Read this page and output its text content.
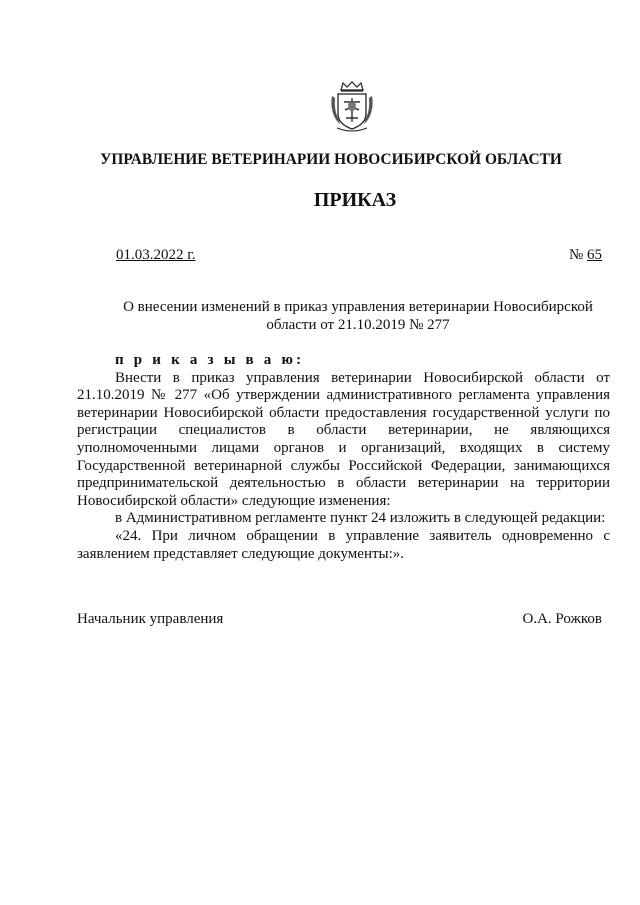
УПРАВЛЕНИЕ ВЕТЕРИНАРИИ НОВОСИБИРСКОЙ ОБЛАСТИ
ПРИКАЗ
01.03.2022 г.	№ 65
О внесении изменений в приказ управления ветеринарии Новосибирской
области от 21.10.2019 № 277
п р и к а з ы в а ю:

Внести в приказ управления ветеринарии Новосибирской области от 21.10.2019 № 277 «Об утверждении административного регламента управления ветеринарии Новосибирской области предоставления государственной услуги по регистрации специалистов в области ветеринарии, не являющихся уполномоченными лицами органов и организаций, входящих в систему Государственной ветеринарной службы Российской Федерации, занимающихся предпринимательской деятельностью в области ветеринарии на территории Новосибирской области» следующие изменения:

в Административном регламенте пункт 24 изложить в следующей редакции:

«24. При личном обращении в управление заявитель одновременно с заявлением представляет следующие документы:».

Начальник управления	О.А. Рожков
